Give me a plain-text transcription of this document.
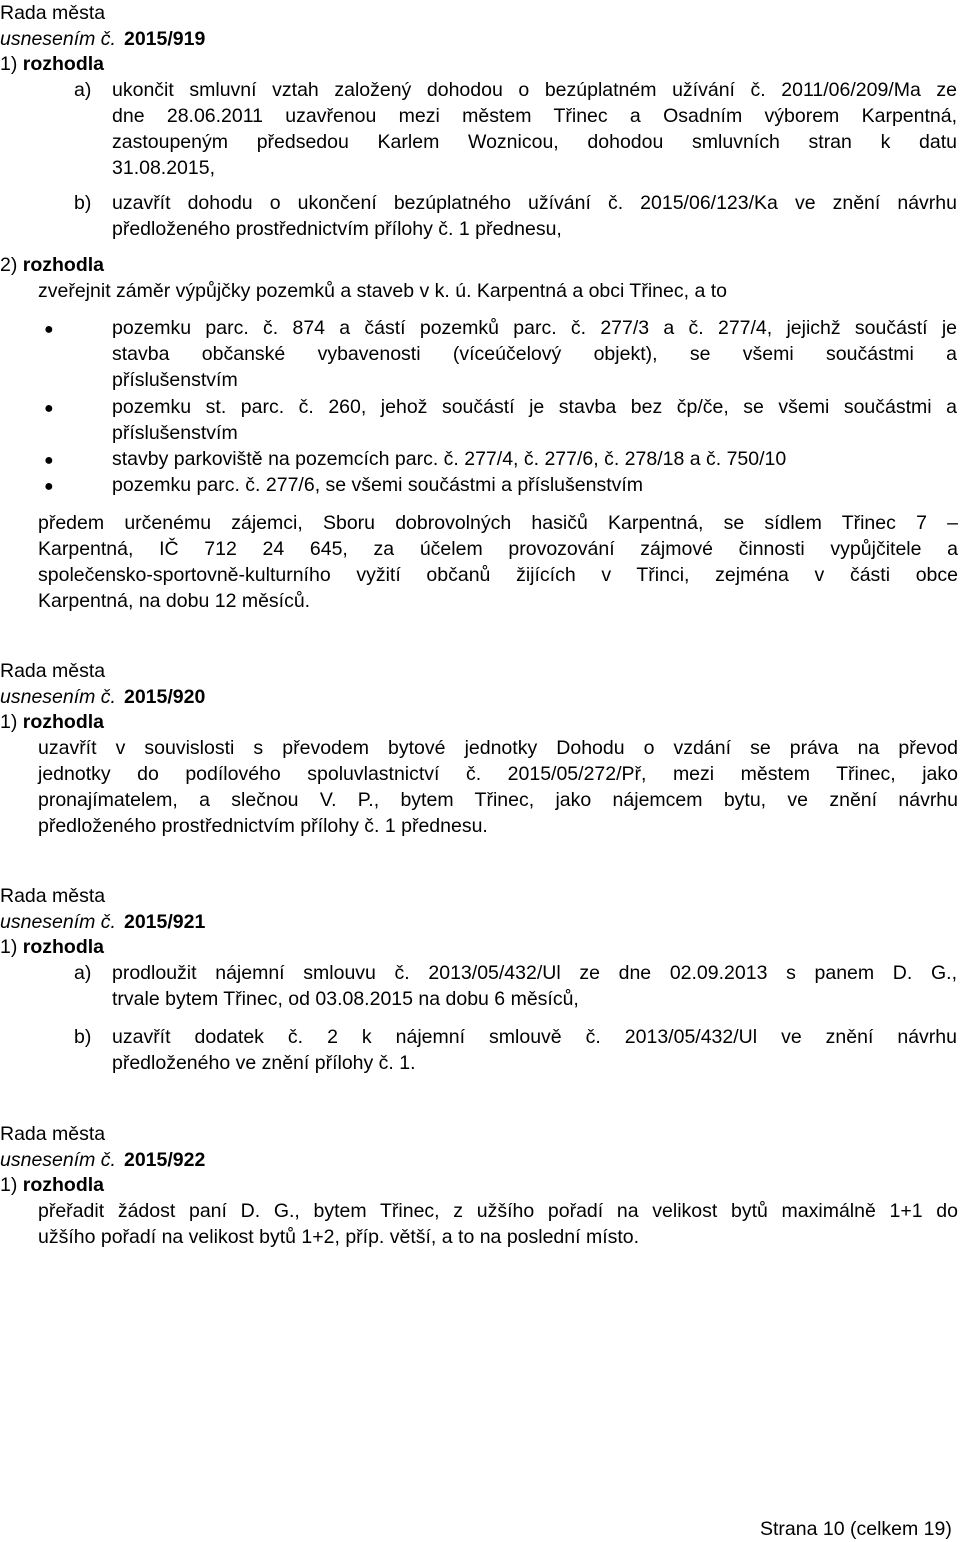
Rada města
usnesením č. 2015/919
1) rozhodla
a) ukončit smluvní vztah založený dohodou o bezúplatném užívání č. 2011/06/209/Ma ze
dne 28.06.2011 uzavřenou mezi městem Třinec a Osadním výborem Karpentná,
zastoupeným předsedou Karlem Woznicou, dohodou smluvních stran k datu
31.08.2015,
b) uzavřít dohodu o ukončení bezúplatného užívání č. 2015/06/123/Ka ve znění návrhu
předloženého prostřednictvím přílohy č. 1 přednesu,
2) rozhodla
zveřejnit záměr výpůjčky pozemků a staveb v k. ú. Karpentná a obci Třinec, a to
●	pozemku parc. č. 874 a částí pozemků parc. č. 277/3 a č. 277/4, jejichž součástí je
stavba občanské vybavenosti (víceúčelový objekt), se všemi součástmi a
příslušenstvím
●	pozemku st. parc. č. 260, jehož součástí je stavba bez čp/če, se všemi součástmi a
příslušenstvím
●	stavby parkoviště na pozemcích parc. č. 277/4, č. 277/6, č. 278/18 a č. 750/10
●	pozemku parc. č. 277/6, se všemi součástmi a příslušenstvím
předem určenému zájemci, Sboru dobrovolných hasičů Karpentná, se sídlem Třinec 7 –
Karpentná, IČ 712 24 645, za účelem provozování zájmové činnosti vypůjčitele a
společensko-sportovně-kulturního vyžití občanů žijících v Třinci, zejména v části obce
Karpentná, na dobu 12 měsíců.
Rada města
usnesením č. 2015/920
1) rozhodla
uzavřít v souvislosti s převodem bytové jednotky Dohodu o vzdání se práva na převod
jednotky do podílového spoluvlastnictví č. 2015/05/272/Př, mezi městem Třinec, jako
pronajímatelem, a slečnou V. P., bytem Třinec, jako nájemcem bytu, ve znění návrhu
předloženého prostřednictvím přílohy č. 1 přednesu.
Rada města
usnesením č. 2015/921
1) rozhodla
a) prodloužit nájemní smlouvu č. 2013/05/432/Ul ze dne 02.09.2013 s panem D. G.,
trvale bytem Třinec, od 03.08.2015 na dobu 6 měsíců,
b) uzavřít dodatek č. 2 k nájemní smlouvě č. 2013/05/432/Ul ve znění návrhu
předloženého ve znění přílohy č. 1.
Rada města
usnesením č. 2015/922
1) rozhodla
přeřadit žádost paní D. G., bytem Třinec, z užšího pořadí na velikost bytů maximálně 1+1 do
užšího pořadí na velikost bytů 1+2, příp. větší, a to na poslední místo.
Strana 10 (celkem 19)
